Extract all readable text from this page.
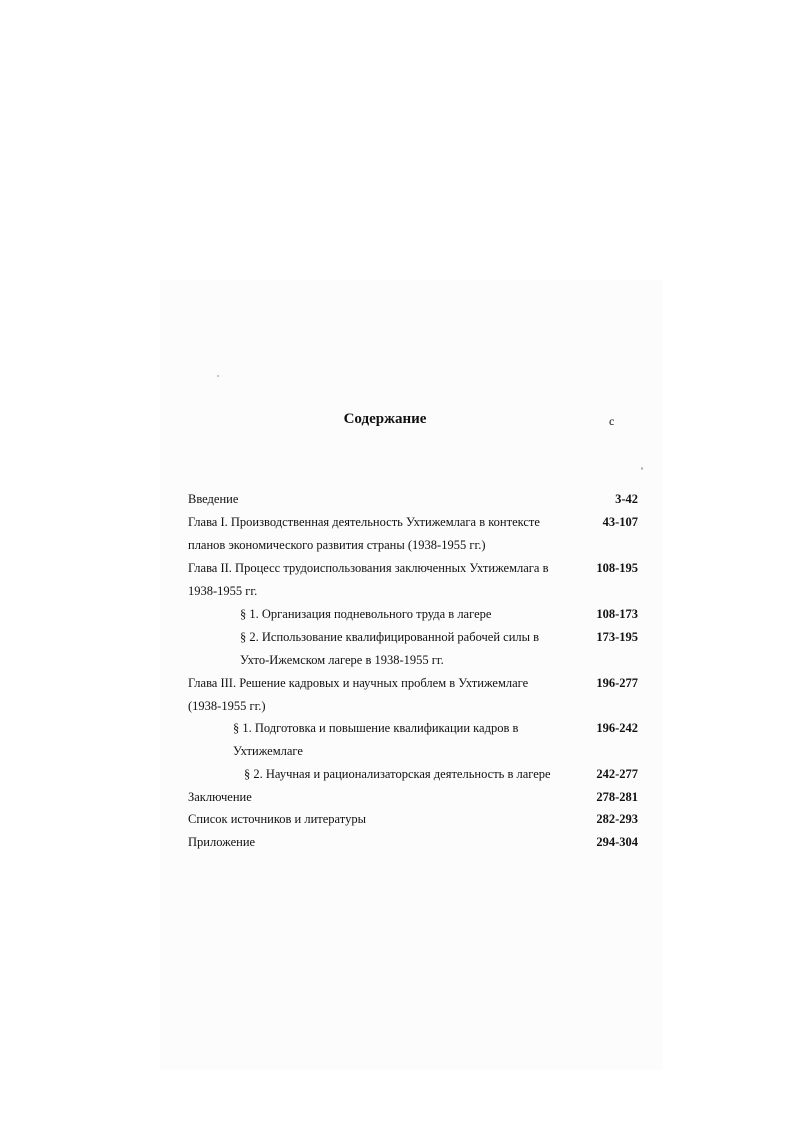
Содержание	с
Введение	3-42
Глава I. Производственная деятельность Ухтижемлага в контексте
планов экономического развития страны (1938-1955 гг.)
43-107
Глава II. Процесс трудоиспользования заключенных Ухтижемлага в
1938-1955 гг.
108-195
§ 1. Организация подневольного труда в лагере	108-173
§ 2. Использование квалифицированной рабочей силы в
Ухто-Ижемском лагере в 1938-1955 гг.
173-195
Глава III. Решение кадровых и научных проблем в Ухтижемлаге
(1938-1955 гг.)
196-277
§ 1. Подготовка и повышение квалификации кадров в
Ухтижемлаге
196-242
§ 2. Научная и рационализаторская деятельность в лагере	242-277
Заключение	278-281
Список источников и литературы	282-293
Приложение	294-304
